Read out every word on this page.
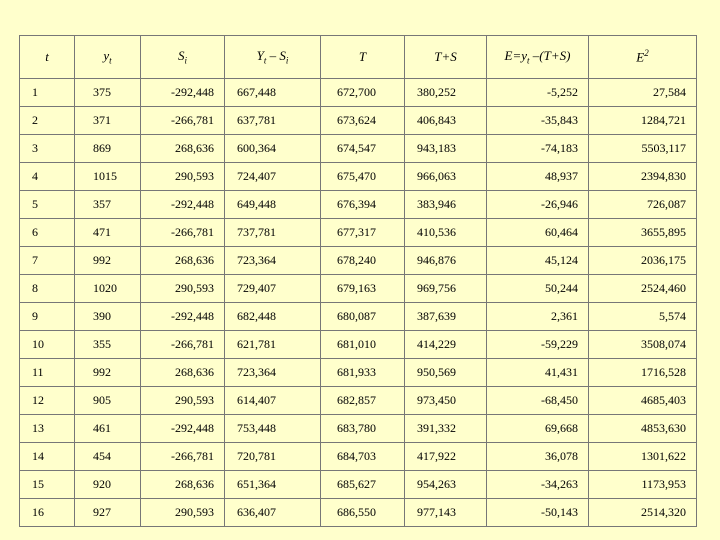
t	$y_t$	$S_i$	$Y_t - S_i$	T	T+S	$E=y_t$ –(T+S)	$E^2$
1	375	-292,448	667,448	672,700	380,252	-5,252	27,584
2	371	-266,781	637,781	673,624	406,843	-35,843	1284,721
3	869	268,636	600,364	674,547	943,183	-74,183	5503,117
4	1015	290,593	724,407	675,470	966,063	48,937	2394,830
5	357	-292,448	649,448	676,394	383,946	-26,946	726,087
6	471	-266,781	737,781	677,317	410,536	60,464	3655,895
7	992	268,636	723,364	678,240	946,876	45,124	2036,175
8	1020	290,593	729,407	679,163	969,756	50,244	2524,460
9	390	-292,448	682,448	680,087	387,639	2,361	5,574
10	355	-266,781	621,781	681,010	414,229	-59,229	3508,074
11	992	268,636	723,364	681,933	950,569	41,431	1716,528
12	905	290,593	614,407	682,857	973,450	-68,450	4685,403
13	461	-292,448	753,448	683,780	391,332	69,668	4853,630
14	454	-266,781	720,781	684,703	417,922	36,078	1301,622
15	920	268,636	651,364	685,627	954,263	-34,263	1173,953
16	927	290,593	636,407	686,550	977,143	-50,143	2514,320
